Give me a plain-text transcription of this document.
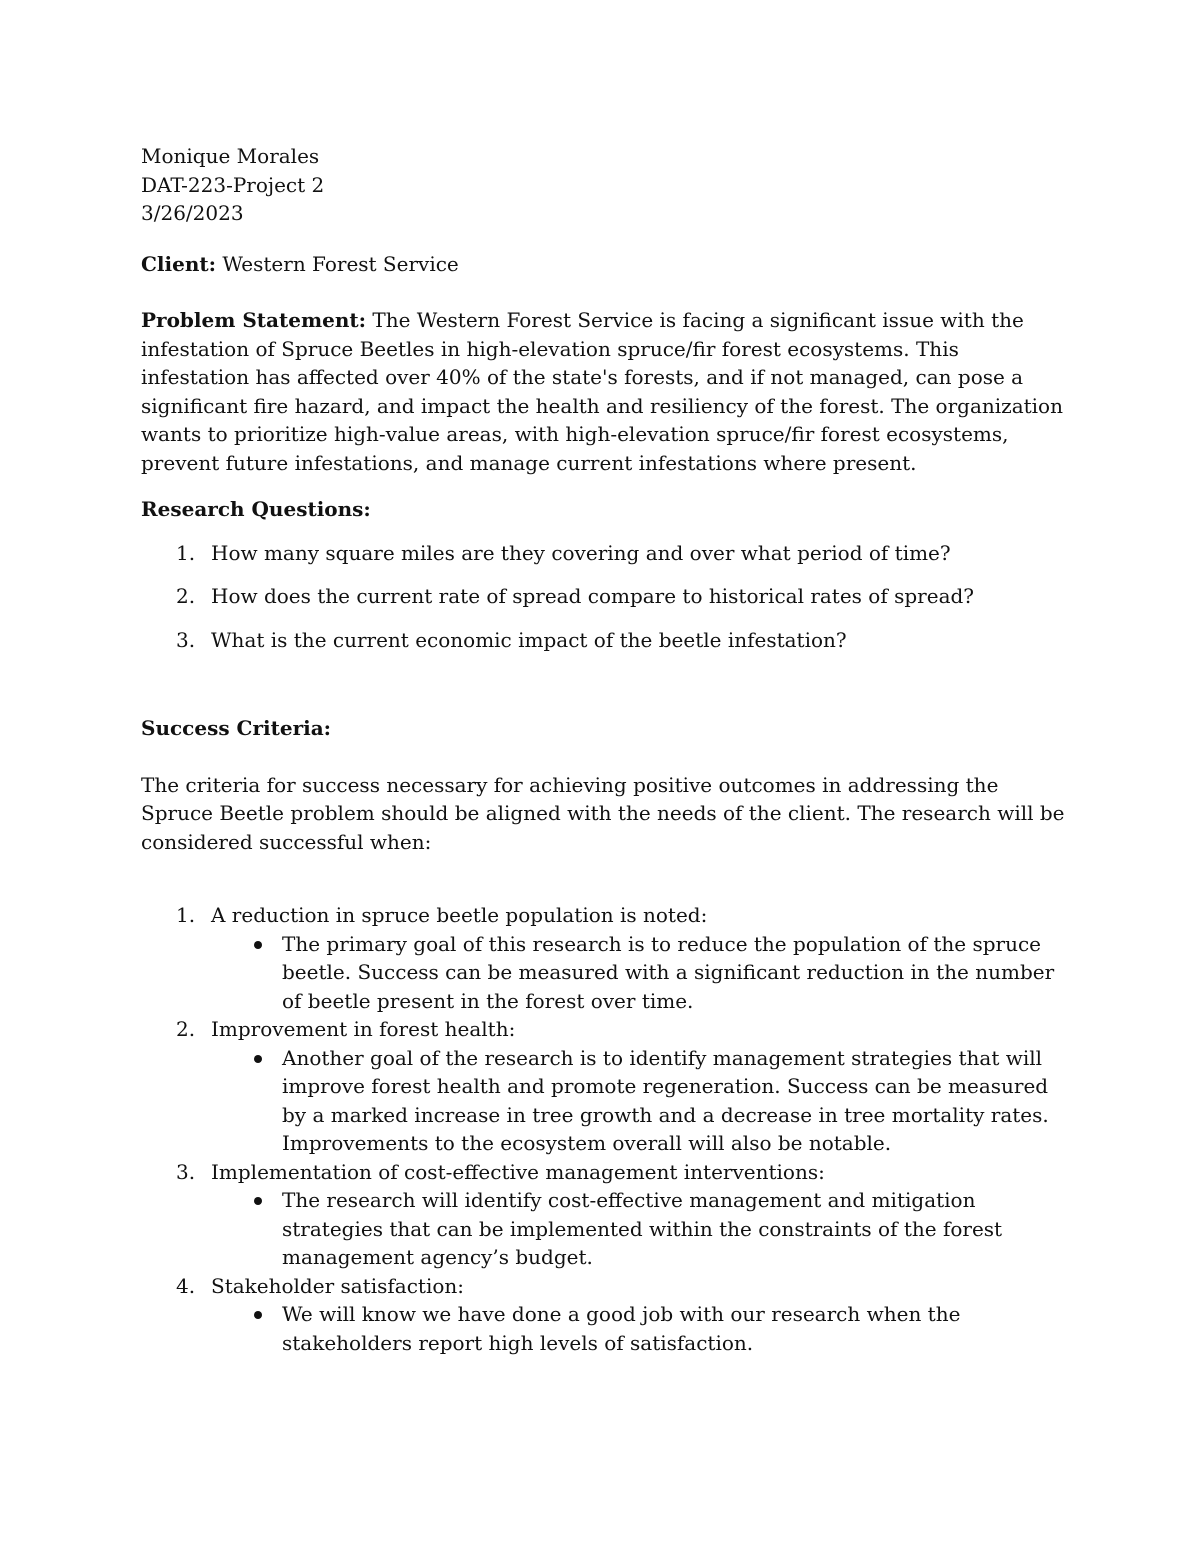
Monique Morales
DAT-223-Project 2
3/26/2023

Client: Western Forest Service

Problem Statement: The Western Forest Service is facing a significant issue with the infestation of Spruce Beetles in high-elevation spruce/fir forest ecosystems. This infestation has affected over 40% of the state's forests, and if not managed, can pose a significant fire hazard, and impact the health and resiliency of the forest. The organization wants to prioritize high-value areas, with high-elevation spruce/fir forest ecosystems, prevent future infestations, and manage current infestations where present.

Research Questions:

1. How many square miles are they covering and over what period of time?
2. How does the current rate of spread compare to historical rates of spread?
3. What is the current economic impact of the beetle infestation?

Success Criteria:

The criteria for success necessary for achieving positive outcomes in addressing the Spruce Beetle problem should be aligned with the needs of the client. The research will be considered successful when:

1. A reduction in spruce beetle population is noted:
The primary goal of this research is to reduce the population of the spruce beetle. Success can be measured with a significant reduction in the number of beetle present in the forest over time.
2. Improvement in forest health:
Another goal of the research is to identify management strategies that will improve forest health and promote regeneration. Success can be measured by a marked increase in tree growth and a decrease in tree mortality rates. Improvements to the ecosystem overall will also be notable.
3. Implementation of cost-effective management interventions:
The research will identify cost-effective management and mitigation strategies that can be implemented within the constraints of the forest management agency’s budget.
4. Stakeholder satisfaction:
We will know we have done a good job with our research when the stakeholders report high levels of satisfaction.
